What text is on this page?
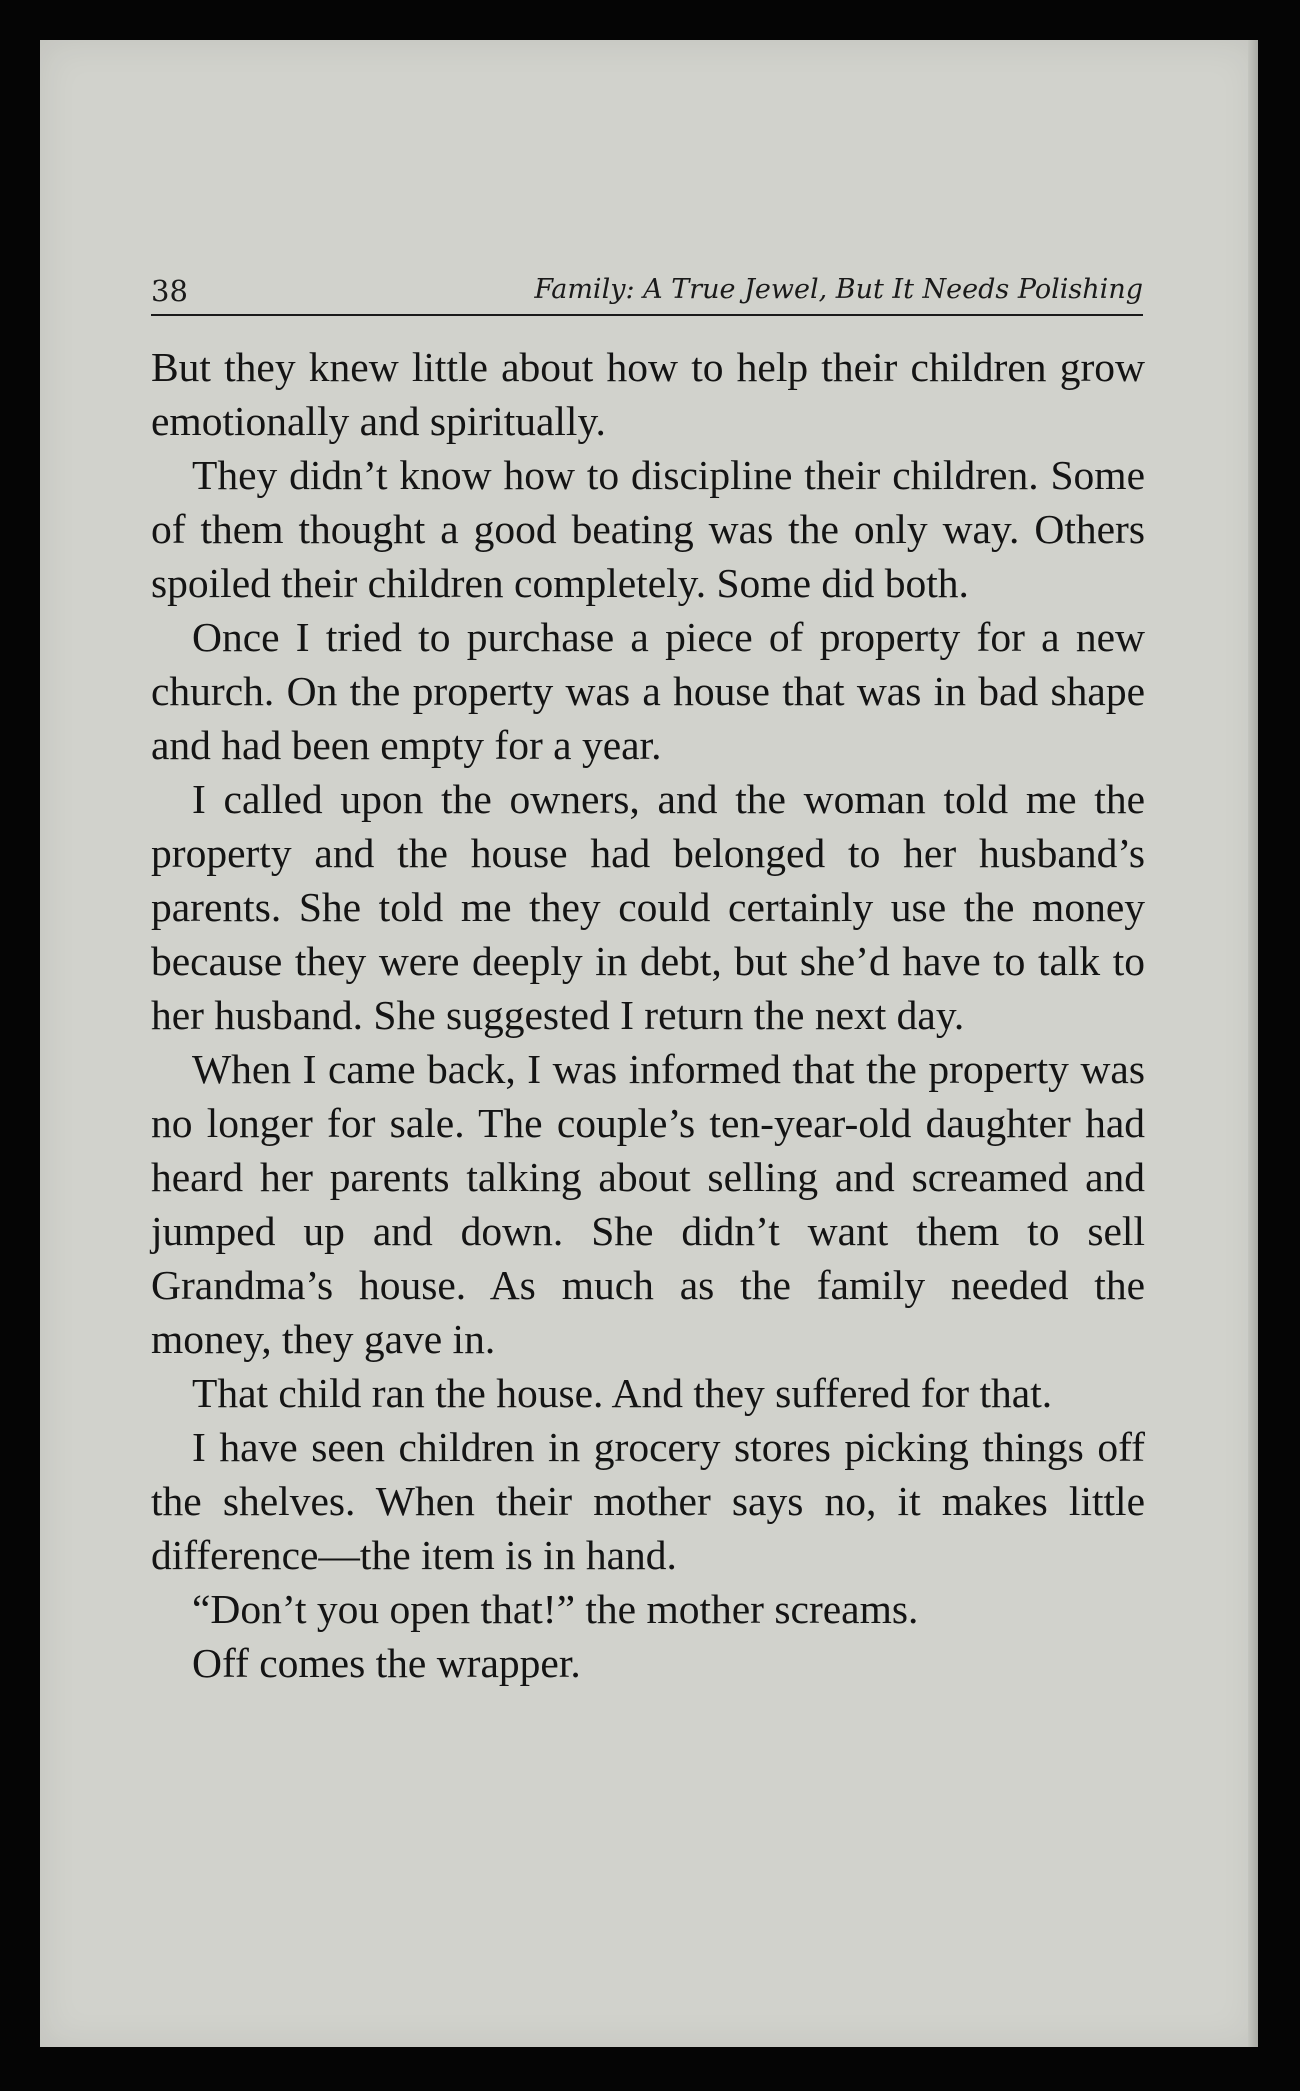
38	Family: A True Jewel, But It Needs Polishing

But they knew little about how to help their children grow emotionally and spiritually.

They didn’t know how to discipline their children. Some of them thought a good beating was the only way. Others spoiled their children completely. Some did both.

Once I tried to purchase a piece of property for a new church. On the property was a house that was in bad shape and had been empty for a year.

I called upon the owners, and the woman told me the property and the house had belonged to her husband’s parents. She told me they could certainly use the money because they were deeply in debt, but she’d have to talk to her husband. She suggested I return the next day.

When I came back, I was informed that the property was no longer for sale. The couple’s ten-year-old daughter had heard her parents talking about selling and screamed and jumped up and down. She didn’t want them to sell Grandma’s house. As much as the family needed the money, they gave in.

That child ran the house. And they suffered for that.

I have seen children in grocery stores picking things off the shelves. When their mother says no, it makes little difference—the item is in hand.

“Don’t you open that!” the mother screams.

Off comes the wrapper.
